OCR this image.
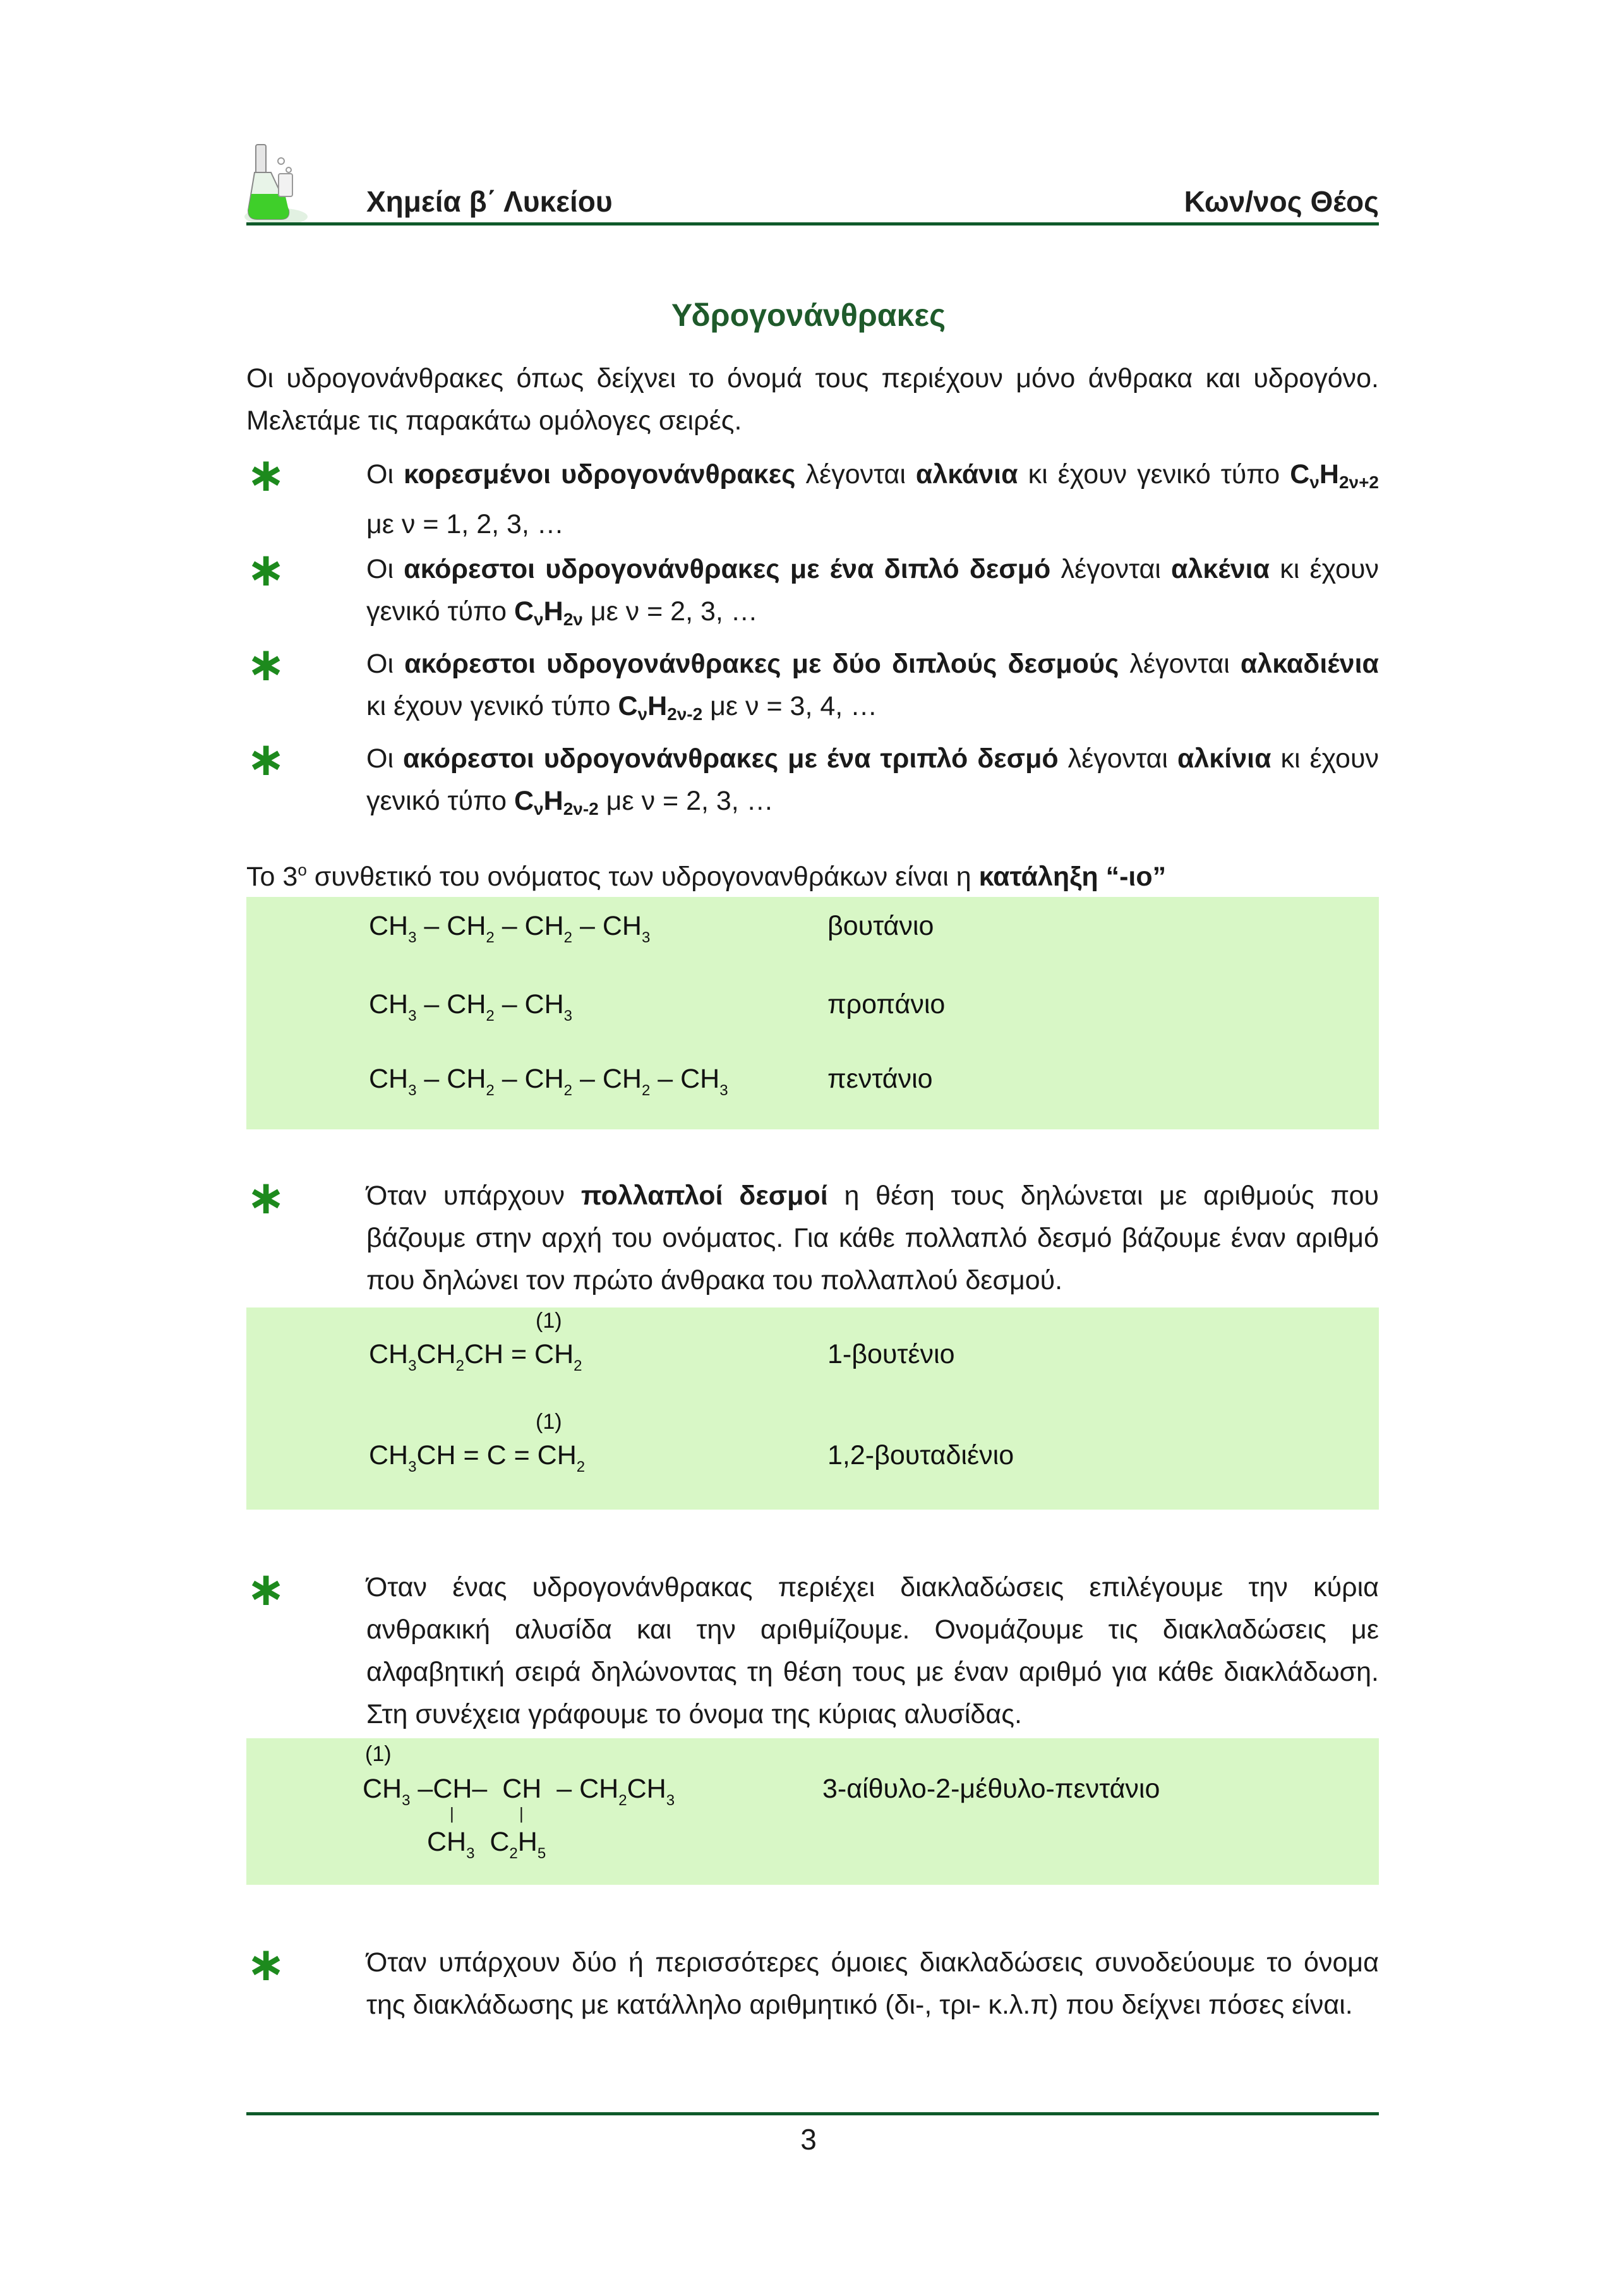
Χημεία β΄ Λυκείου	Κων/νος Θέος
Υδρογονάνθρακες
Οι υδρογονάνθρακες όπως δείχνει το όνομά τους περιέχουν μόνο άνθρακα και υδρογόνο. Μελετάμε τις παρακάτω ομόλογες σειρές.
∗	Οι κορεσμένοι υδρογονάνθρακες λέγονται αλκάνια κι έχουν γενικό τύπο $C_\nu H_{2\nu+2}$ με ν = 1, 2, 3, …
∗	Οι ακόρεστοι υδρογονάνθρακες με ένα διπλό δεσμό λέγονται αλκένια κι έχουν γενικό τύπο $C_\nu H_{2\nu}$ με ν = 2, 3, …
∗	Οι ακόρεστοι υδρογονάνθρακες με δύο διπλούς δεσμούς λέγονται αλκαδιένια κι έχουν γενικό τύπο $C_\nu H_{2\nu-2}$ με ν = 3, 4, …
∗	Οι ακόρεστοι υδρογονάνθρακες με ένα τριπλό δεσμό λέγονται αλκίνια κι έχουν γενικό τύπο $C_\nu H_{2\nu-2}$ με ν = 2, 3, …
Το $3^o$ συνθετικό του ονόματος των υδρογονανθράκων είναι η κατάληξη “-ιο”
$CH_3 - CH_2 - CH_2 - CH_3$	βουτάνιο
$CH_3 - CH_2 - CH_3$	προπάνιο
$CH_3 - CH_2 - CH_2 - CH_2 - CH_3$	πεντάνιο
∗	Όταν υπάρχουν πολλαπλοί δεσμοί η θέση τους δηλώνεται με αριθμούς που βάζουμε στην αρχή του ονόματος. Για κάθε πολλαπλό δεσμό βάζουμε έναν αριθμό που δηλώνει τον πρώτο άνθρακα του πολλαπλού δεσμού.
(1)
$CH_3CH_2CH = CH_2$	1-βουτένιο
(1)
$CH_3CH = C = CH_2$	1,2-βουταδιένιο
∗	Όταν ένας υδρογονάνθρακας περιέχει διακλαδώσεις επιλέγουμε την κύρια ανθρακική αλυσίδα και την αριθμίζουμε. Ονομάζουμε τις διακλαδώσεις με αλφαβητική σειρά δηλώνοντας τη θέση τους με έναν αριθμό για κάθε διακλάδωση. Στη συνέχεια γράφουμε το όνομα της κύριας αλυσίδας.
(1)
$CH_3$ –CH–  CH  – $CH_2CH_3$
|	|
$CH_3$  $C_2H_5$
3-αίθυλο-2-μέθυλο-πεντάνιο
∗	Όταν υπάρχουν δύο ή περισσότερες όμοιες διακλαδώσεις συνοδεύουμε το όνομα της διακλάδωσης με κατάλληλο αριθμητικό (δι-, τρι- κ.λ.π) που δείχνει πόσες είναι.
3
